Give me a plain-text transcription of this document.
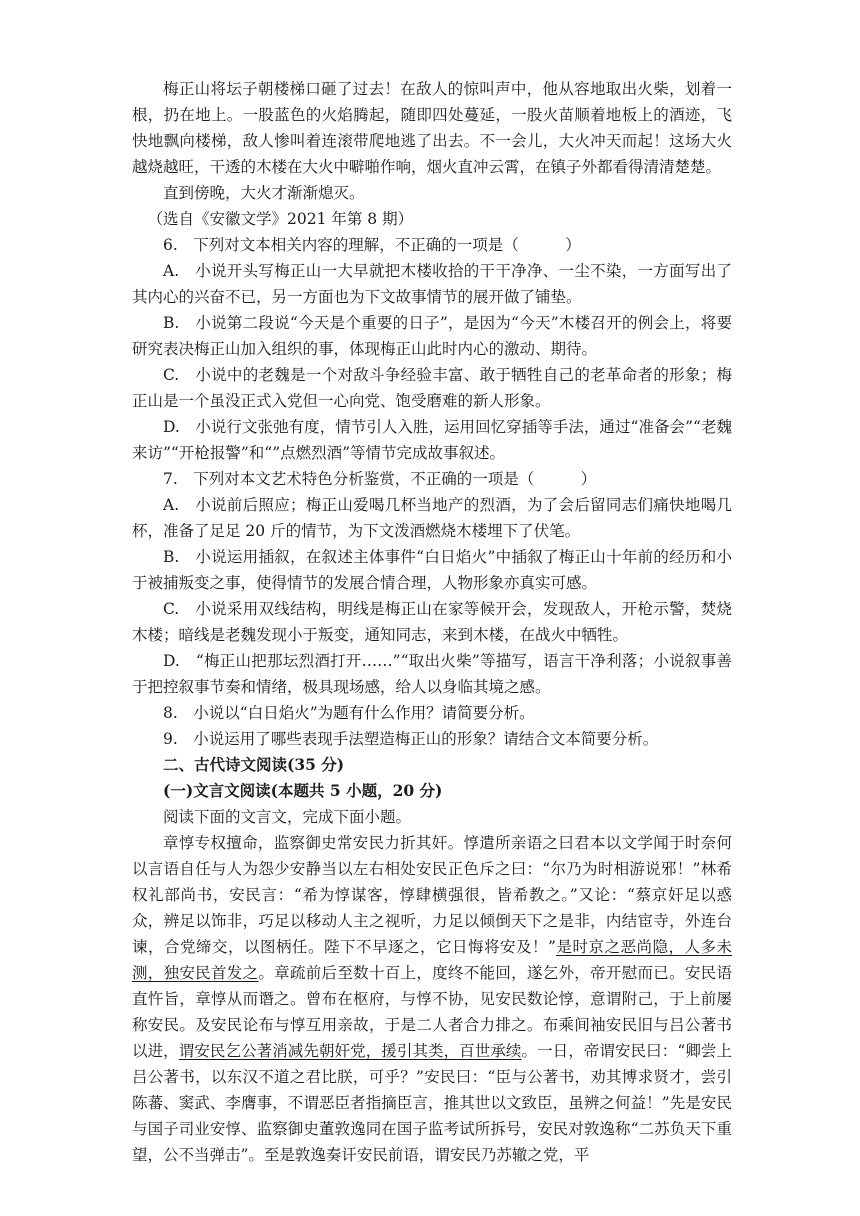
梅正山将坛子朝楼梯口砸了过去！在敌人的惊叫声中，他从容地取出火柴，划着一根，扔在地上。一股蓝色的火焰腾起，随即四处蔓延，一股火苗顺着地板上的酒迹，飞快地飘向楼梯，敌人惨叫着连滚带爬地逃了出去。不一会儿，大火冲天而起！这场大火越烧越旺，干透的木楼在大火中噼啪作响，烟火直冲云霄，在镇子外都看得清清楚楚。

直到傍晚，大火才渐渐熄灭。

（选自《安徽文学》2021 年第 8 期）

6.　下列对文本相关内容的理解，不正确的一项是（　　　）

A.　小说开头写梅正山一大早就把木楼收拾的干干净净、一尘不染，一方面写出了其内心的兴奋不已，另一方面也为下文故事情节的展开做了铺垫。

B.　小说第二段说“今天是个重要的日子”，是因为“今天”木楼召开的例会上，将要研究表决梅正山加入组织的事，体现梅正山此时内心的激动、期待。

C.　小说中的老魏是一个对敌斗争经验丰富、敢于牺牲自己的老革命者的形象；梅正山是一个虽没正式入党但一心向党、饱受磨难的新人形象。

D.　小说行文张弛有度，情节引人入胜，运用回忆穿插等手法，通过“准备会”“老魏来访”“开枪报警”和“”点燃烈酒”等情节完成故事叙述。

7.　下列对本文艺术特色分析鉴赏，不正确的一项是（　　　）

A.　小说前后照应；梅正山爱喝几杯当地产的烈酒，为了会后留同志们痛快地喝几杯，准备了足足 20 斤的情节，为下文泼酒燃烧木楼埋下了伏笔。

B.　小说运用插叙，在叙述主体事件“白日焰火”中插叙了梅正山十年前的经历和小于被捕叛变之事，使得情节的发展合情合理，人物形象亦真实可感。

C.　小说采用双线结构，明线是梅正山在家等候开会，发现敌人，开枪示警，焚烧木楼；暗线是老魏发现小于叛变，通知同志，来到木楼，在战火中牺牲。

D.　“梅正山把那坛烈酒打开……”“取出火柴”等描写，语言干净利落；小说叙事善于把控叙事节奏和情绪，极具现场感，给人以身临其境之感。

8.　小说以“白日焰火”为题有什么作用？请简要分析。

9.　小说运用了哪些表现手法塑造梅正山的形象？请结合文本简要分析。

二、古代诗文阅读(35 分)

(一)文言文阅读(本题共 5 小题，20 分)

阅读下面的文言文，完成下面小题。

章惇专权擅命，监察御史常安民力折其奸。惇遣所亲语之曰君本以文学闻于时奈何以言语自任与人为怨少安静当以左右相处安民正色斥之曰：“尔乃为时相游说邪！”林希权礼部尚书，安民言：“希为惇谋客，惇肆横强很，皆希教之。”又论：“蔡京奸足以惑众，辨足以饰非，巧足以移动人主之视听，力足以倾倒天下之是非，内结宦寺，外连台谏，合党缔交，以图柄任。陛下不早逐之，它日悔将安及！”是时京之恶尚隐，人多未测，独安民首发之。章疏前后至数十百上，度终不能回，遂乞外，帝开慰而已。安民语直忤旨，章惇从而谮之。曾布在枢府，与惇不协，见安民数论惇，意谓附己，于上前屡称安民。及安民论布与惇互用亲故，于是二人者合力排之。布乘间袖安民旧与吕公著书以进，谓安民乞公著消减先朝奸党，援引其类，百世承续。一日，帝谓安民曰：“卿尝上吕公著书，以东汉不道之君比朕，可乎？”安民曰：“臣与公著书，劝其博求贤才，尝引陈蕃、窦武、李膺事，不谓恶臣者指摘臣言，推其世以文致臣，虽辨之何益！”先是安民与国子司业安惇、监察御史董敦逸同在国子监考试所拆号，安民对敦逸称“二苏负天下重望，公不当弹击”。至是敦逸奏讦安民前语，谓安民乃苏辙之党，平
